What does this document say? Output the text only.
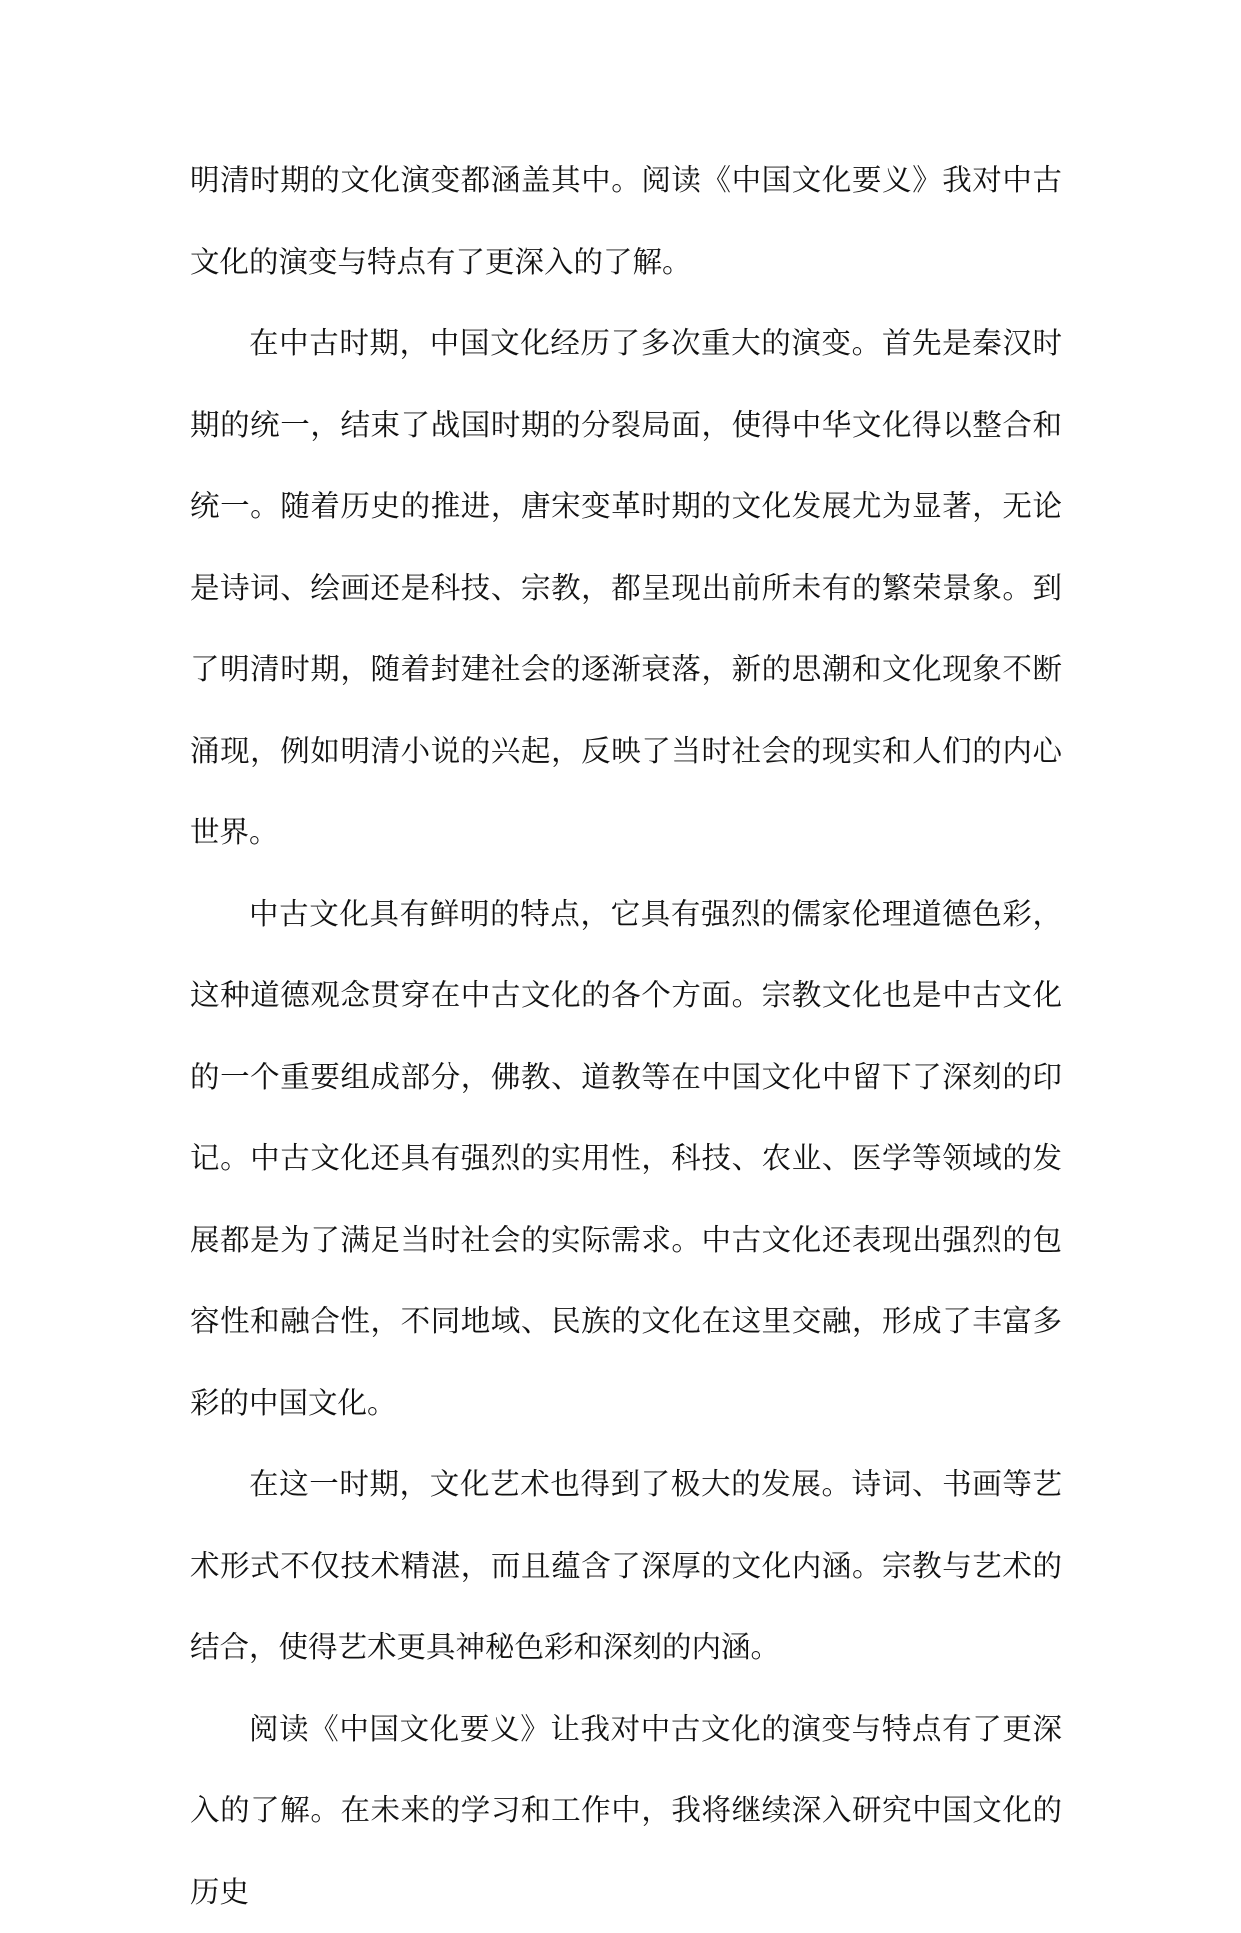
明清时期的文化演变都涵盖其中。阅读《中国文化要义》我对中古文化的演变与特点有了更深入的了解。

在中古时期，中国文化经历了多次重大的演变。首先是秦汉时期的统一，结束了战国时期的分裂局面，使得中华文化得以整合和统一。随着历史的推进，唐宋变革时期的文化发展尤为显著，无论是诗词、绘画还是科技、宗教，都呈现出前所未有的繁荣景象。到了明清时期，随着封建社会的逐渐衰落，新的思潮和文化现象不断涌现，例如明清小说的兴起，反映了当时社会的现实和人们的内心世界。

中古文化具有鲜明的特点，它具有强烈的儒家伦理道德色彩，这种道德观念贯穿在中古文化的各个方面。宗教文化也是中古文化的一个重要组成部分，佛教、道教等在中国文化中留下了深刻的印记。中古文化还具有强烈的实用性，科技、农业、医学等领域的发展都是为了满足当时社会的实际需求。中古文化还表现出强烈的包容性和融合性，不同地域、民族的文化在这里交融，形成了丰富多彩的中国文化。

在这一时期，文化艺术也得到了极大的发展。诗词、书画等艺术形式不仅技术精湛，而且蕴含了深厚的文化内涵。宗教与艺术的结合，使得艺术更具神秘色彩和深刻的内涵。

阅读《中国文化要义》让我对中古文化的演变与特点有了更深入的了解。在未来的学习和工作中，我将继续深入研究中国文化的历史
